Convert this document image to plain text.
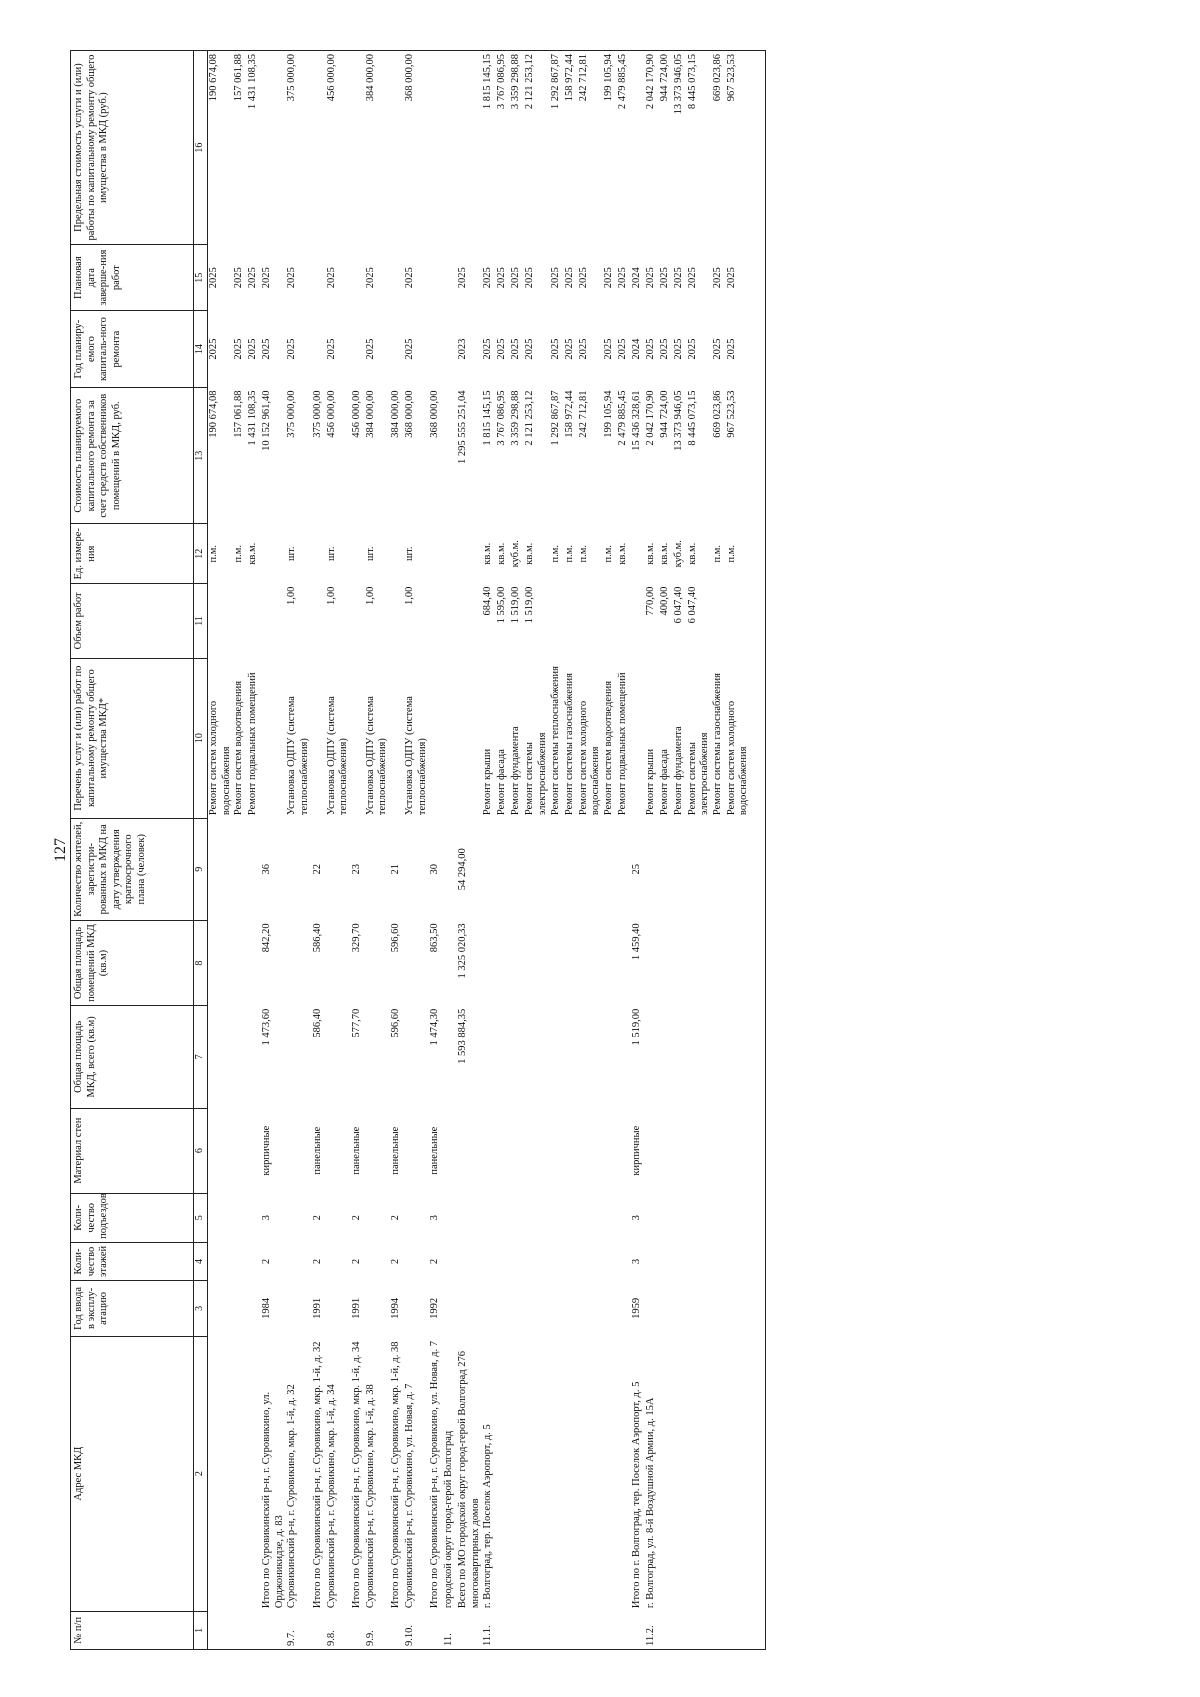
127
№ п/п	Адрес МКД	Год ввода в эксплу-атацию	Коли-чество этажей	Коли-чество подъездов	Материал стен	Общая площадь МКД, всего (кв.м)	Общая площадь помещений МКД (кв.м)	Количество жителей, зарегистри-рованных в МКД на дату утверждения краткосрочного плана (человек)	Перечень услуг и (или) работ по капитальному ремонту общего имущества МКД*	Объем работ	Ед. измере-ния	Стоимость планируемого капитального ремонта за счет средств собственников помещений в МКД, руб.	Год планиру-емого капиталь-ного ремонта	Плановая дата заверше-ния работ	Предельная стоимость услуги и (или) работы по капитальному ремонту общего имущества в МКД (руб.)
1	2	3	4	5	6	7	8	9	10	11	12	13	14	15	16
									Ремонт систем холодного водоснабжения		п.м.	190 674,08	2025	2025	190 674,08
									Ремонт систем водоотведения		п.м.	157 061,88	2025	2025	157 061,88
									Ремонт подвальных помещений		кв.м.	1 431 108,35	2025	2025	1 431 108,35
	Итого по Суровикинский р-н, г. Суровикино, ул. Орджоникидзе, д. 83	1984	2	3	кирпичные	1 473,60	842,20	36				10 152 961,40	2025	2025	
9.7.	Суровикинский р-н, г. Суровикино, мкр. 1-й, д. 32								Установка ОДПУ (система теплоснабжения)	1,00	шт.	375 000,00	2025	2025	375 000,00
	Итого по Суровикинский р-н, г. Суровикино, мкр. 1-й, д. 32	1991	2	2	панельные	586,40	586,40	22				375 000,00			
9.8.	Суровикинский р-н, г. Суровикино, мкр. 1-й, д. 34								Установка ОДПУ (система теплоснабжения)	1,00	шт.	456 000,00	2025	2025	456 000,00
	Итого по Суровикинский р-н, г. Суровикино, мкр. 1-й, д. 34	1991	2	2	панельные	577,70	329,70	23				456 000,00			
9.9.	Суровикинский р-н, г. Суровикино, мкр. 1-й, д. 38								Установка ОДПУ (система теплоснабжения)	1,00	шт.	384 000,00	2025	2025	384 000,00
	Итого по Суровикинский р-н, г. Суровикино, мкр. 1-й, д. 38	1994	2	2	панельные	596,60	596,60	21				384 000,00			
9.10.	Суровикинский р-н, г. Суровикино, ул. Новая, д. 7								Установка ОДПУ (система теплоснабжения)	1,00	шт.	368 000,00	2025	2025	368 000,00
	Итого по Суровикинский р-н, г. Суровикино, ул. Новая, д. 7	1992	2	3	панельные	1 474,30	863,50	30				368 000,00			
11.	городской округ город-герой Волгоград														
	Всего по МО городской округ город-герой Волгоград 276 многоквартирных домов					1 593 884,35	1 325 020,33	54 294,00				1 295 555 251,04	2023	2025	
11.1.	г. Волгоград, тер. Поселок Аэропорт, д. 5								Ремонт крыши	684,40	кв.м.	1 815 145,15	2025	2025	1 815 145,15
									Ремонт фасада	1 595,00	кв.м.	3 767 086,95	2025	2025	3 767 086,95
									Ремонт фундамента	1 519,00	куб.м.	3 359 298,88	2025	2025	3 359 298,88
									Ремонт системы электроснабжения	1 519,00	кв.м.	2 121 253,12	2025	2025	2 121 253,12
									Ремонт системы теплоснабжения		п.м.	1 292 867,87	2025	2025	1 292 867,87
									Ремонт системы газоснабжения		п.м.	158 972,44	2025	2025	158 972,44
									Ремонт систем холодного водоснабжения		п.м.	242 712,81	2025	2025	242 712,81
									Ремонт систем водоотведения		п.м.	199 105,94	2025	2025	199 105,94
									Ремонт подвальных помещений		кв.м.	2 479 885,45	2025	2025	2 479 885,45
	Итого по г. Волгоград, тер. Поселок Аэропорт, д. 5	1959	3	3	кирпичные	1 519,00	1 459,40	25				15 436 328,61	2024	2024	
11.2.	г. Волгоград, ул. 8-й Воздушной Армии, д. 15А								Ремонт крыши	770,00	кв.м.	2 042 170,90	2025	2025	2 042 170,90
									Ремонт фасада	400,00	кв.м.	944 724,00	2025	2025	944 724,00
									Ремонт фундамента	6 047,40	куб.м.	13 373 946,05	2025	2025	13 373 946,05
									Ремонт системы электроснабжения	6 047,40	кв.м.	8 445 073,15	2025	2025	8 445 073,15
									Ремонт системы газоснабжения		п.м.	669 023,86	2025	2025	669 023,86
									Ремонт систем холодного водоснабжения		п.м.	967 523,53	2025	2025	967 523,53
